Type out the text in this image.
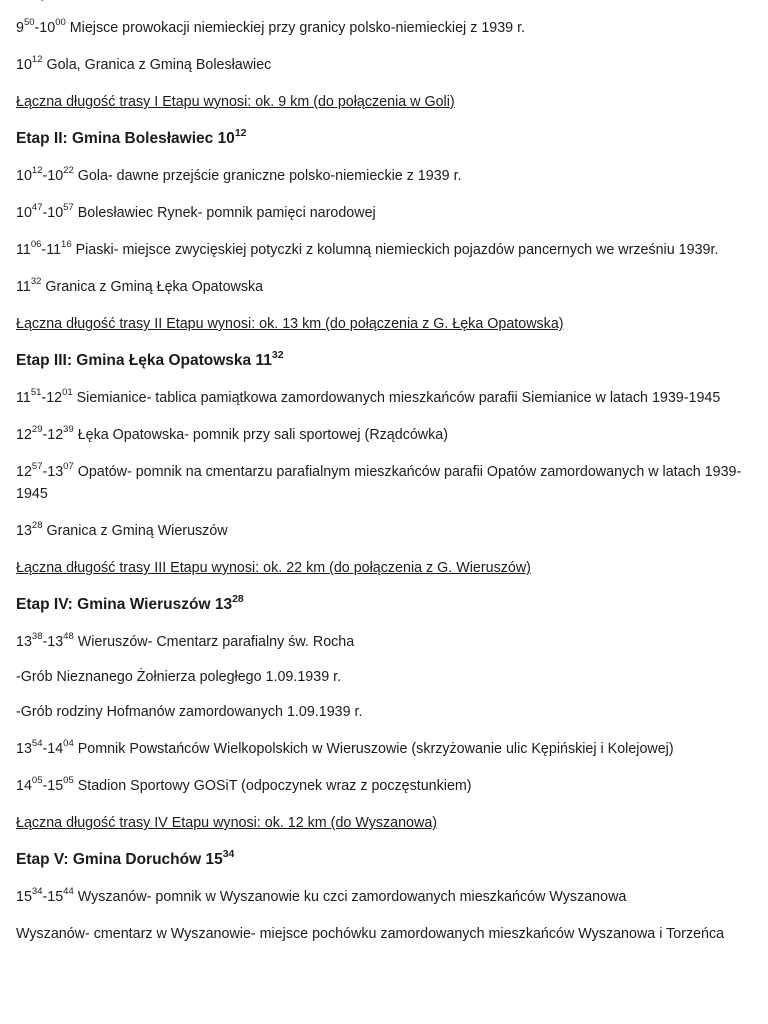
$9^{50}-10^{00}$ Miejsce prowokacji niemieckiej przy granicy polsko-niemieckiej z 1939 r.

$10^{12}$ Gola, Granica z Gminą Bolesławiec

Łączna długość trasy I Etapu wynosi: ok. 9 km (do połączenia w Goli)

Etap II: Gmina Bolesławiec $10^{12}$

$10^{12}-10^{22}$ Gola- dawne przejście graniczne polsko-niemieckie z 1939 r.

$10^{47}-10^{57}$ Bolesławiec Rynek- pomnik pamięci narodowej

$11^{06}-11^{16}$ Piaski- miejsce zwycięskiej potyczki z kolumną niemieckich pojazdów pancernych we wrześniu 1939r.

$11^{32}$ Granica z Gminą Łęka Opatowska

Łączna długość trasy II Etapu wynosi: ok. 13 km (do połączenia z G. Łęka Opatowska)

Etap III: Gmina Łęka Opatowska $11^{32}$

$11^{51}-12^{01}$ Siemianice- tablica pamiątkowa zamordowanych mieszkańców parafii Siemianice w latach 1939-1945

$12^{29}-12^{39}$ Łęka Opatowska- pomnik przy sali sportowej (Rządcówka)

$12^{57}-13^{07}$ Opatów- pomnik na cmentarzu parafialnym mieszkańców parafii Opatów zamordowanych w latach 1939-1945

$13^{28}$ Granica z Gminą Wieruszów

Łączna długość trasy III Etapu wynosi: ok. 22 km (do połączenia z G. Wieruszów)

Etap IV: Gmina Wieruszów $13^{28}$

$13^{38}-13^{48}$ Wieruszów- Cmentarz parafialny św. Rocha

-Grób Nieznanego Żołnierza poległego 1.09.1939 r.

-Grób rodziny Hofmanów zamordowanych 1.09.1939 r.

$13^{54}-14^{04}$ Pomnik Powstańców Wielkopolskich w Wieruszowie (skrzyżowanie ulic Kępińskiej i Kolejowej)

$14^{05}-15^{05}$ Stadion Sportowy GOSiT (odpoczynek wraz z poczęstunkiem)

Łączna długość trasy IV Etapu wynosi: ok. 12 km (do Wyszanowa)

Etap V: Gmina Doruchów $15^{34}$

$15^{34}-15^{44}$ Wyszanów- pomnik w Wyszanowie ku czci zamordowanych mieszkańców Wyszanowa

Wyszanów- cmentarz w Wyszanowie- miejsce pochówku zamordowanych mieszkańców Wyszanowa i Torzeńca
